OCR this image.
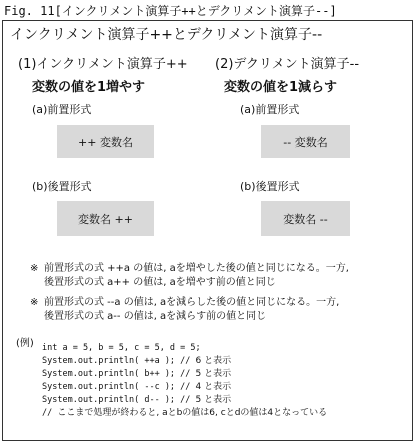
Fig. 11[インクリメント演算子++とデクリメント演算子--]
インクリメント演算子++とデクリメント演算子--
(1)インクリメント演算子++
変数の値を1増やす
(a)前置形式
++ 変数名
(b)後置形式
変数名 ++
(2)デクリメント演算子--
変数の値を1減らす
(a)前置形式
-- 変数名
(b)後置形式
変数名 --
※ 前置形式の式 ++a の値は, aを増やした後の値と同じになる。一方,
後置形式の式 a++ の値は, aを増やす前の値と同じ
※ 前置形式の式 --a の値は, aを減らした後の値と同じになる。一方,
後置形式の式 a-- の値は, aを減らす前の値と同じ
(例) int a = 5, b = 5, c = 5, d = 5;
System.out.println( ++a ); // 6 と表示
System.out.println( b++ ); // 5 と表示
System.out.println( --c ); // 4 と表示
System.out.println( d-- ); // 5 と表示
// ここまで処理が終わると, aとbの値は6, cとdの値は4となっている
